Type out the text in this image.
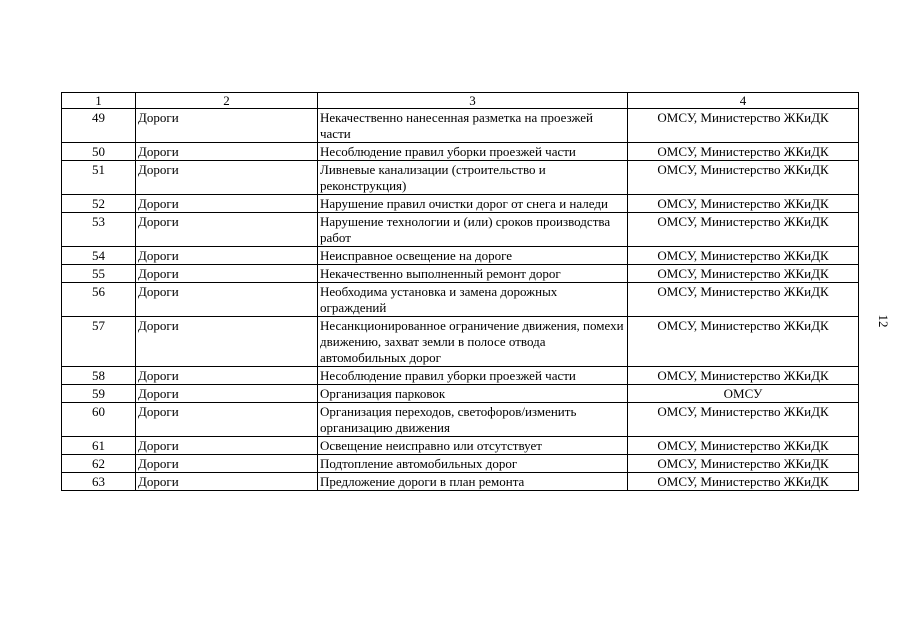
1	2	3	4
49	Дороги	Некачественно нанесенная разметка на проезжей части	ОМСУ, Министерство ЖКиДК
50	Дороги	Несоблюдение правил уборки проезжей части	ОМСУ, Министерство ЖКиДК
51	Дороги	Ливневые канализации (строительство и реконструкция)	ОМСУ, Министерство ЖКиДК
52	Дороги	Нарушение правил очистки дорог от снега и наледи	ОМСУ, Министерство ЖКиДК
53	Дороги	Нарушение технологии и (или) сроков производства работ	ОМСУ, Министерство ЖКиДК
54	Дороги	Неисправное освещение на дороге	ОМСУ, Министерство ЖКиДК
55	Дороги	Некачественно выполненный ремонт дорог	ОМСУ, Министерство ЖКиДК
56	Дороги	Необходима установка и замена дорожных ограждений	ОМСУ, Министерство ЖКиДК
57	Дороги	Несанкционированное ограничение движения, помехи движению, захват земли в полосе отвода автомобильных дорог	ОМСУ, Министерство ЖКиДК
58	Дороги	Несоблюдение правил уборки проезжей части	ОМСУ, Министерство ЖКиДК
59	Дороги	Организация парковок	ОМСУ
60	Дороги	Организация переходов, светофоров/изменить организацию движения	ОМСУ, Министерство ЖКиДК
61	Дороги	Освещение неисправно или отсутствует	ОМСУ, Министерство ЖКиДК
62	Дороги	Подтопление автомобильных дорог	ОМСУ, Министерство ЖКиДК
63	Дороги	Предложение дороги в план ремонта	ОМСУ, Министерство ЖКиДК
12
